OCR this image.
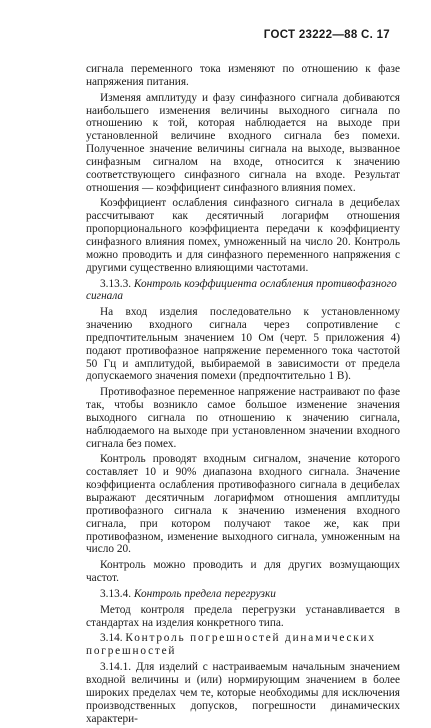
ГОСТ 23222—88 С. 17

сигнала переменного тока изменяют по отношению к фазе напряжения питания.

Изменяя амплитуду и фазу синфазного сигнала добиваются наибольшего изменения величины выходного сигнала по отношению к той, которая наблюдается на выходе при установленной величине входного сигнала без помехи. Полученное значение величины сигнала на выходе, вызванное синфазным сигналом на входе, относится к значению соответствующего синфазного сигнала на входе. Результат отношения — коэффициент синфазного влияния помех.

Коэффициент ослабления синфазного сигнала в децибелах рассчитывают как десятичный логарифм отношения пропорционального коэффициента передачи к коэффициенту синфазного влияния помех, умноженный на число 20. Контроль можно проводить и для синфазного переменного напряжения с другими существенно влияющими частотами.

3.13.3. Контроль коэффициента ослабления противофазного сигнала

На вход изделия последовательно к установленному значению входного сигнала через сопротивление с предпочтительным значением 10 Ом (черт. 5 приложения 4) подают противофазное напряжение переменного тока частотой 50 Гц и амплитудой, выбираемой в зависимости от предела допускаемого значения помехи (предпочтительно 1 В).

Противофазное переменное напряжение настраивают по фазе так, чтобы возникло самое большое изменение значения выходного сигнала по отношению к значению сигнала, наблюдаемого на выходе при установленном значении входного сигнала без помех.

Контроль проводят входным сигналом, значение которого составляет 10 и 90% диапазона входного сигнала. Значение коэффициента ослабления противофазного сигнала в децибелах выражают десятичным логарифмом отношения амплитуды противофазного сигнала к значению изменения входного сигнала, при котором получают такое же, как при противофазном, изменение выходного сигнала, умноженным на число 20.

Контроль можно проводить и для других возмущающих частот.

3.13.4. Контроль предела перегрузки

Метод контроля предела перегрузки устанавливается в стандартах на изделия конкретного типа.

3.14. Контроль погрешностей динамических погрешностей

3.14.1. Для изделий с настраиваемым начальным значением входной величины и (или) нормирующим значением в более широких пределах чем те, которые необходимы для исключения производственных допусков, погрешности динамических характери-
